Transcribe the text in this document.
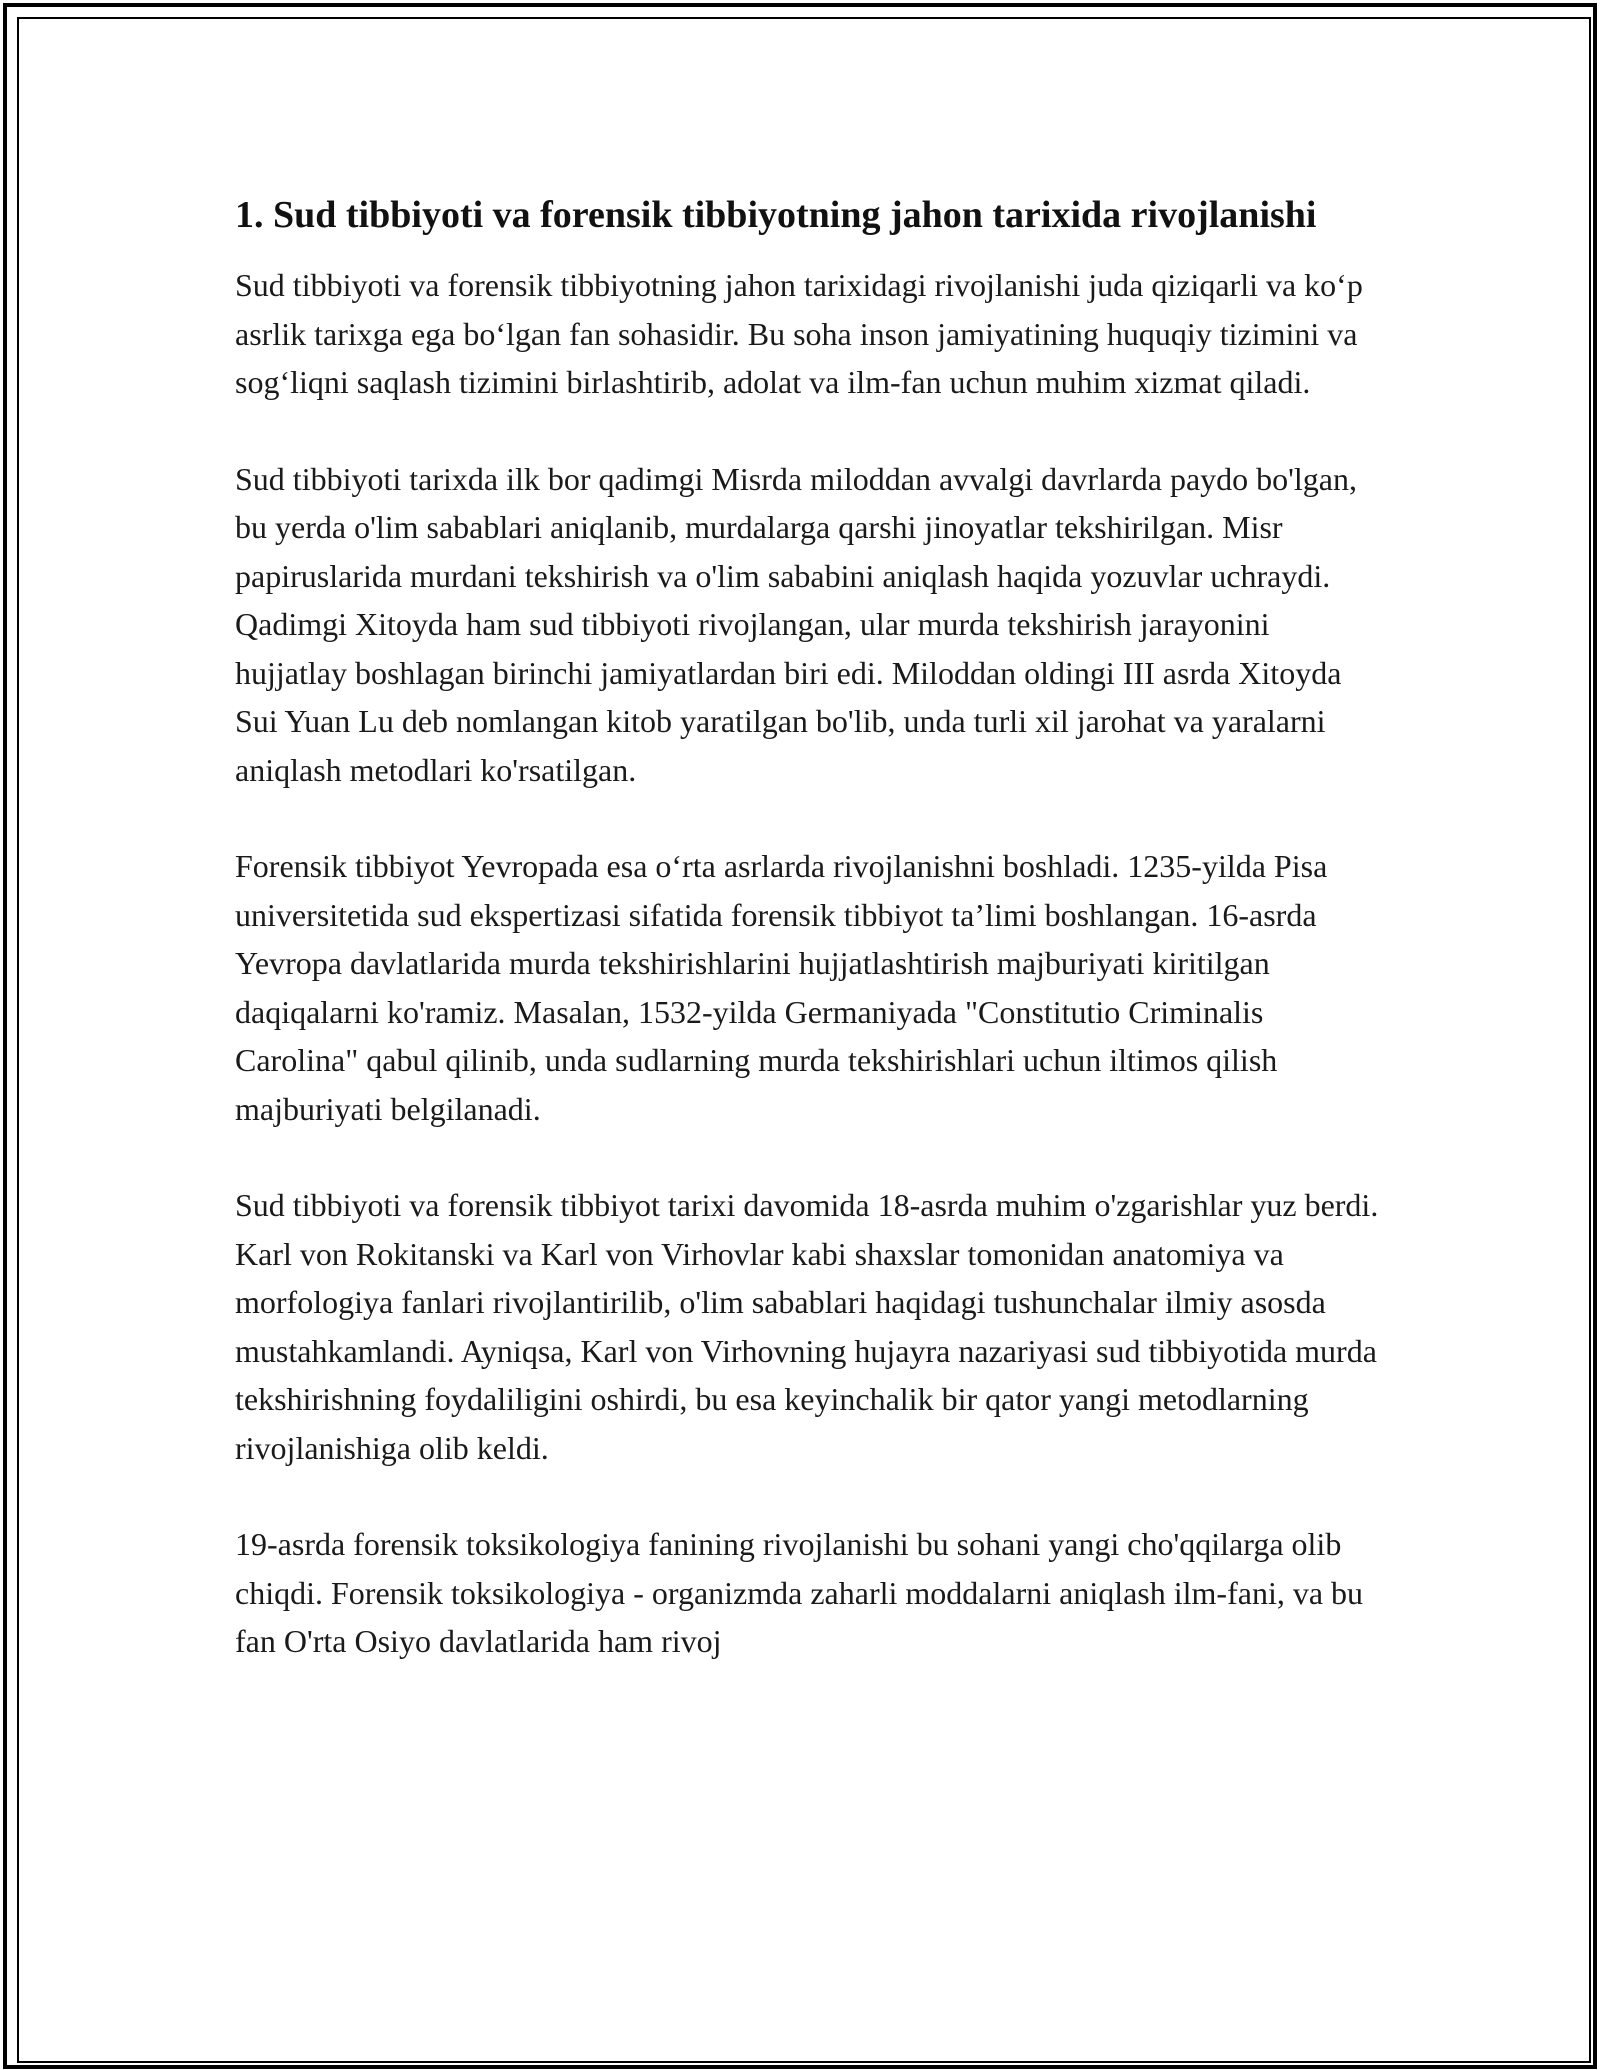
1. Sud tibbiyoti va forensik tibbiyotning jahon tarixida rivojlanishi

Sud tibbiyoti va forensik tibbiyotning jahon tarixidagi rivojlanishi juda qiziqarli va ko‘p asrlik tarixga ega bo‘lgan fan sohasidir. Bu soha inson jamiyatining huquqiy tizimini va sog‘liqni saqlash tizimini birlashtirib, adolat va ilm-fan uchun muhim xizmat qiladi.

Sud tibbiyoti tarixda ilk bor qadimgi Misrda miloddan avvalgi davrlarda paydo bo'lgan, bu yerda o'lim sabablari aniqlanib, murdalarga qarshi jinoyatlar tekshirilgan. Misr papiruslarida murdani tekshirish va o'lim sababini aniqlash haqida yozuvlar uchraydi. Qadimgi Xitoyda ham sud tibbiyoti rivojlangan, ular murda tekshirish jarayonini hujjatlay boshlagan birinchi jamiyatlardan biri edi. Miloddan oldingi III asrda Xitoyda Sui Yuan Lu deb nomlangan kitob yaratilgan bo'lib, unda turli xil jarohat va yaralarni aniqlash metodlari ko'rsatilgan.

Forensik tibbiyot Yevropada esa o‘rta asrlarda rivojlanishni boshladi. 1235-yilda Pisa universitetida sud ekspertizasi sifatida forensik tibbiyot ta’limi boshlangan. 16-asrda Yevropa davlatlarida murda tekshirishlarini hujjatlashtirish majburiyati kiritilgan daqiqalarni ko'ramiz. Masalan, 1532-yilda Germaniyada "Constitutio Criminalis Carolina" qabul qilinib, unda sudlarning murda tekshirishlari uchun iltimos qilish majburiyati belgilanadi.

Sud tibbiyoti va forensik tibbiyot tarixi davomida 18-asrda muhim o'zgarishlar yuz berdi. Karl von Rokitanski va Karl von Virhovlar kabi shaxslar tomonidan anatomiya va morfologiya fanlari rivojlantirilib, o'lim sabablari haqidagi tushunchalar ilmiy asosda mustahkamlandi. Ayniqsa, Karl von Virhovning hujayra nazariyasi sud tibbiyotida murda tekshirishning foydaliligini oshirdi, bu esa keyinchalik bir qator yangi metodlarning rivojlanishiga olib keldi.

19-asrda forensik toksikologiya fanining rivojlanishi bu sohani yangi cho'qqilarga olib chiqdi. Forensik toksikologiya - organizmda zaharli moddalarni aniqlash ilm-fani, va bu fan O'rta Osiyo davlatlarida ham rivoj
